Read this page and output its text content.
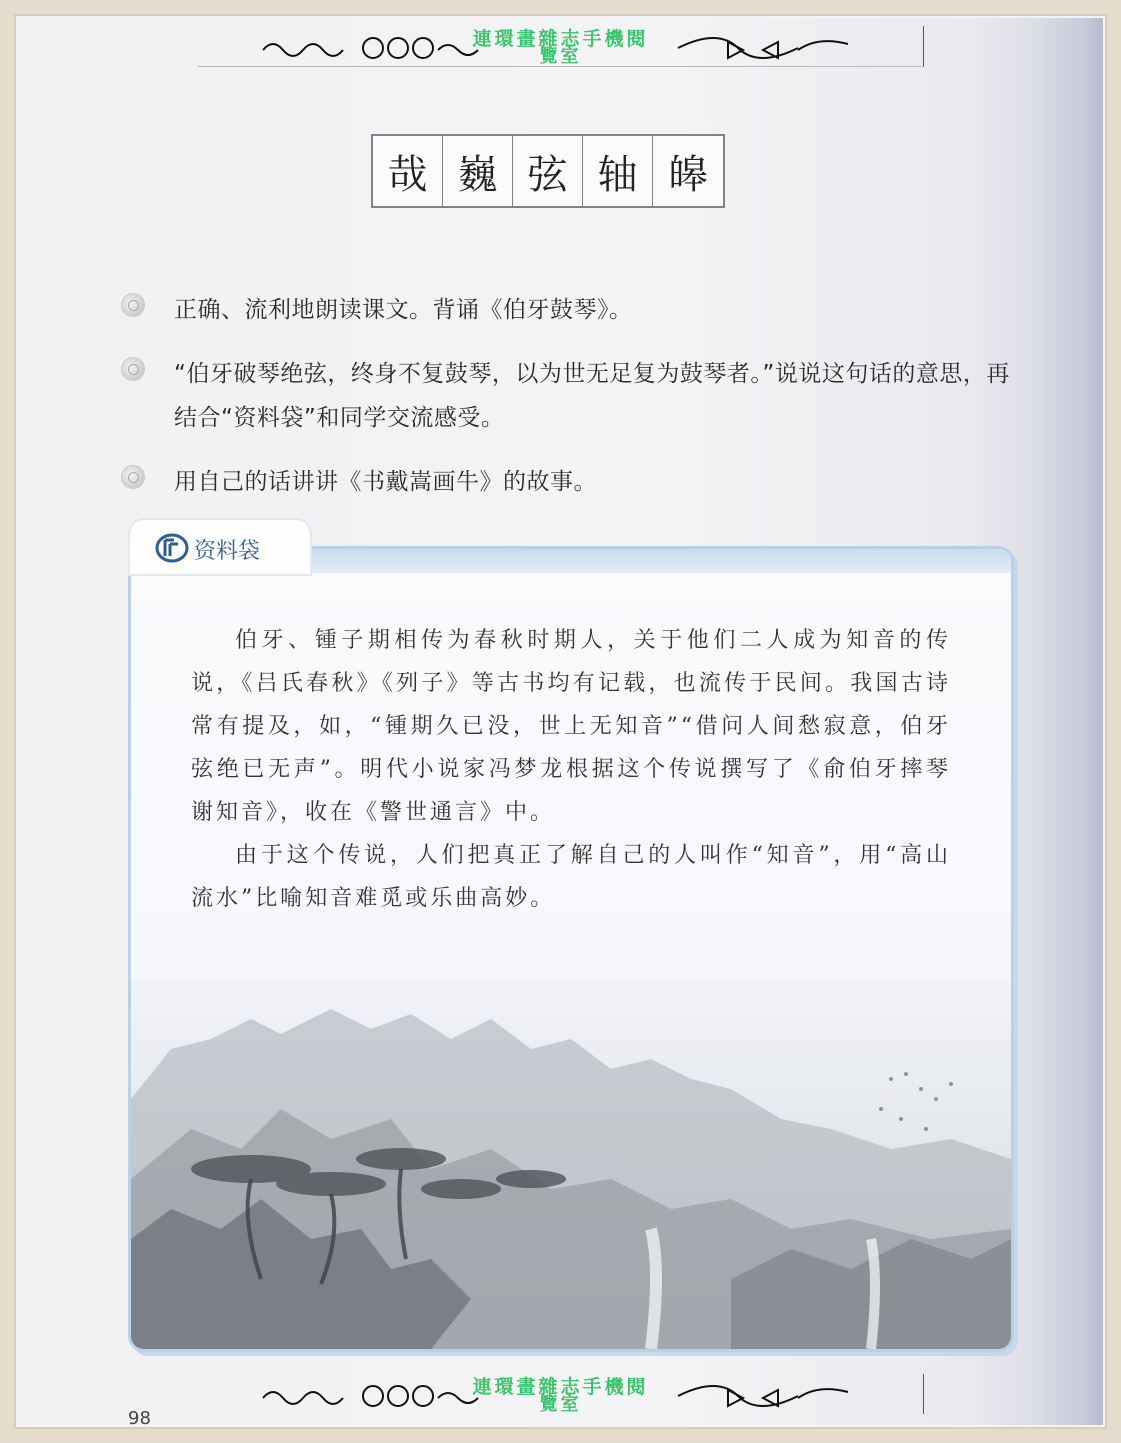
連環畫雜志手機閱
覽室
哉 巍 弦 轴 皞
正确、流利地朗读课文。背诵《伯牙鼓琴》。
“伯牙破琴绝弦，终身不复鼓琴，以为世无足复为鼓琴者。”说说这句话的意思，再结合“资料袋”和同学交流感受。
用自己的话讲讲《书戴嵩画牛》的故事。

伯牙、锺子期相传为春秋时期人，关于他们二人成为知音的传说，《吕氏春秋》《列子》等古书均有记载，也流传于民间。我国古诗常有提及，如，“锺期久已没，世上无知音”“借问人间愁寂意，伯牙弦绝已无声”。明代小说家冯梦龙根据这个传说撰写了《俞伯牙摔琴谢知音》，收在《警世通言》中。

由于这个传说，人们把真正了解自己的人叫作“知音”，用“高山流水”比喻知音难觅或乐曲高妙。

资料袋
連環畫雜志手機閱
覽室
98
